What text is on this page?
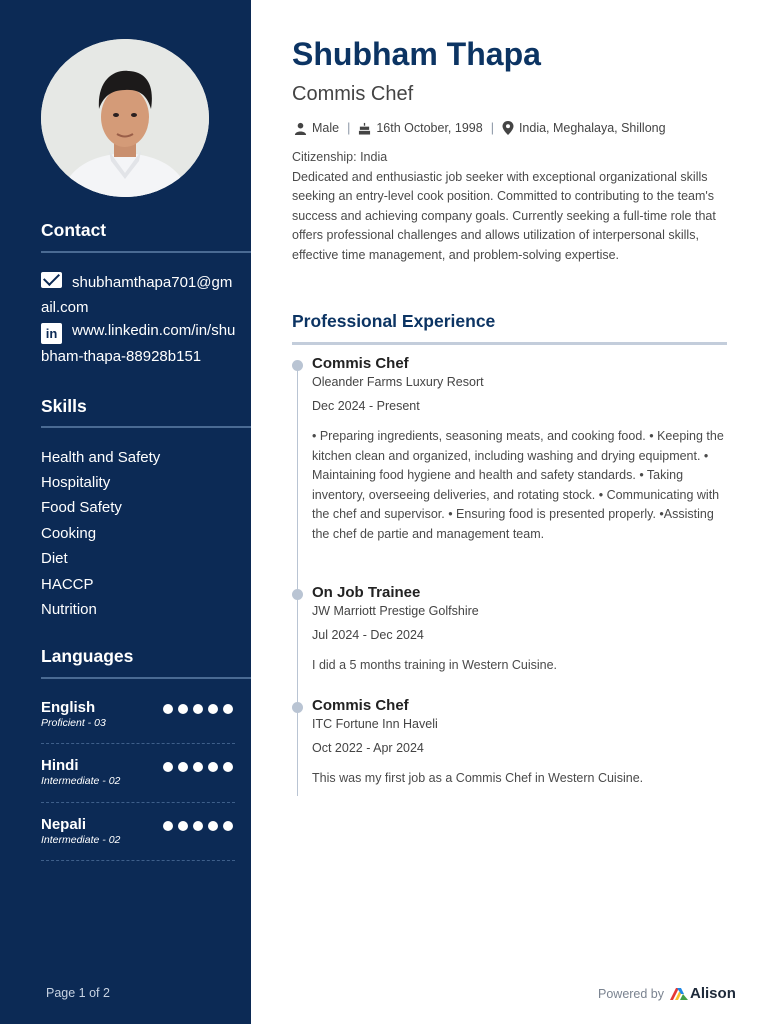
Contact
shubhamthapa701@gmail.com
in www.linkedin.com/in/shubham-thapa-88928b151
Skills
Health and Safety
Hospitality
Food Safety
Cooking
Diet
HACCP
Nutrition
Languages
English
Proficient - 03
Hindi
Intermediate - 02
Nepali
Intermediate - 02
Page 1 of 2
Shubham Thapa
Commis Chef
Male | 16th October, 1998 | India, Meghalaya, Shillong
Citizenship: India
Dedicated and enthusiastic job seeker with exceptional organizational skills seeking an entry-level cook position. Committed to contributing to the team's success and achieving company goals. Currently seeking a full-time role that offers professional challenges and allows utilization of interpersonal skills, effective time management, and problem-solving expertise.
Professional Experience
Commis Chef
Oleander Farms Luxury Resort
Dec 2024 - Present
• Preparing ingredients, seasoning meats, and cooking food. • Keeping the kitchen clean and organized, including washing and drying equipment. • Maintaining food hygiene and health and safety standards. • Taking inventory, overseeing deliveries, and rotating stock. • Communicating with the chef and supervisor. • Ensuring food is presented properly. •Assisting the chef de partie and management team.
On Job Trainee
JW Marriott Prestige Golfshire
Jul 2024 - Dec 2024
I did a 5 months training in Western Cuisine.
Commis Chef
ITC Fortune Inn Haveli
Oct 2022 - Apr 2024
This was my first job as a Commis Chef in Western Cuisine.
Powered by Alison
